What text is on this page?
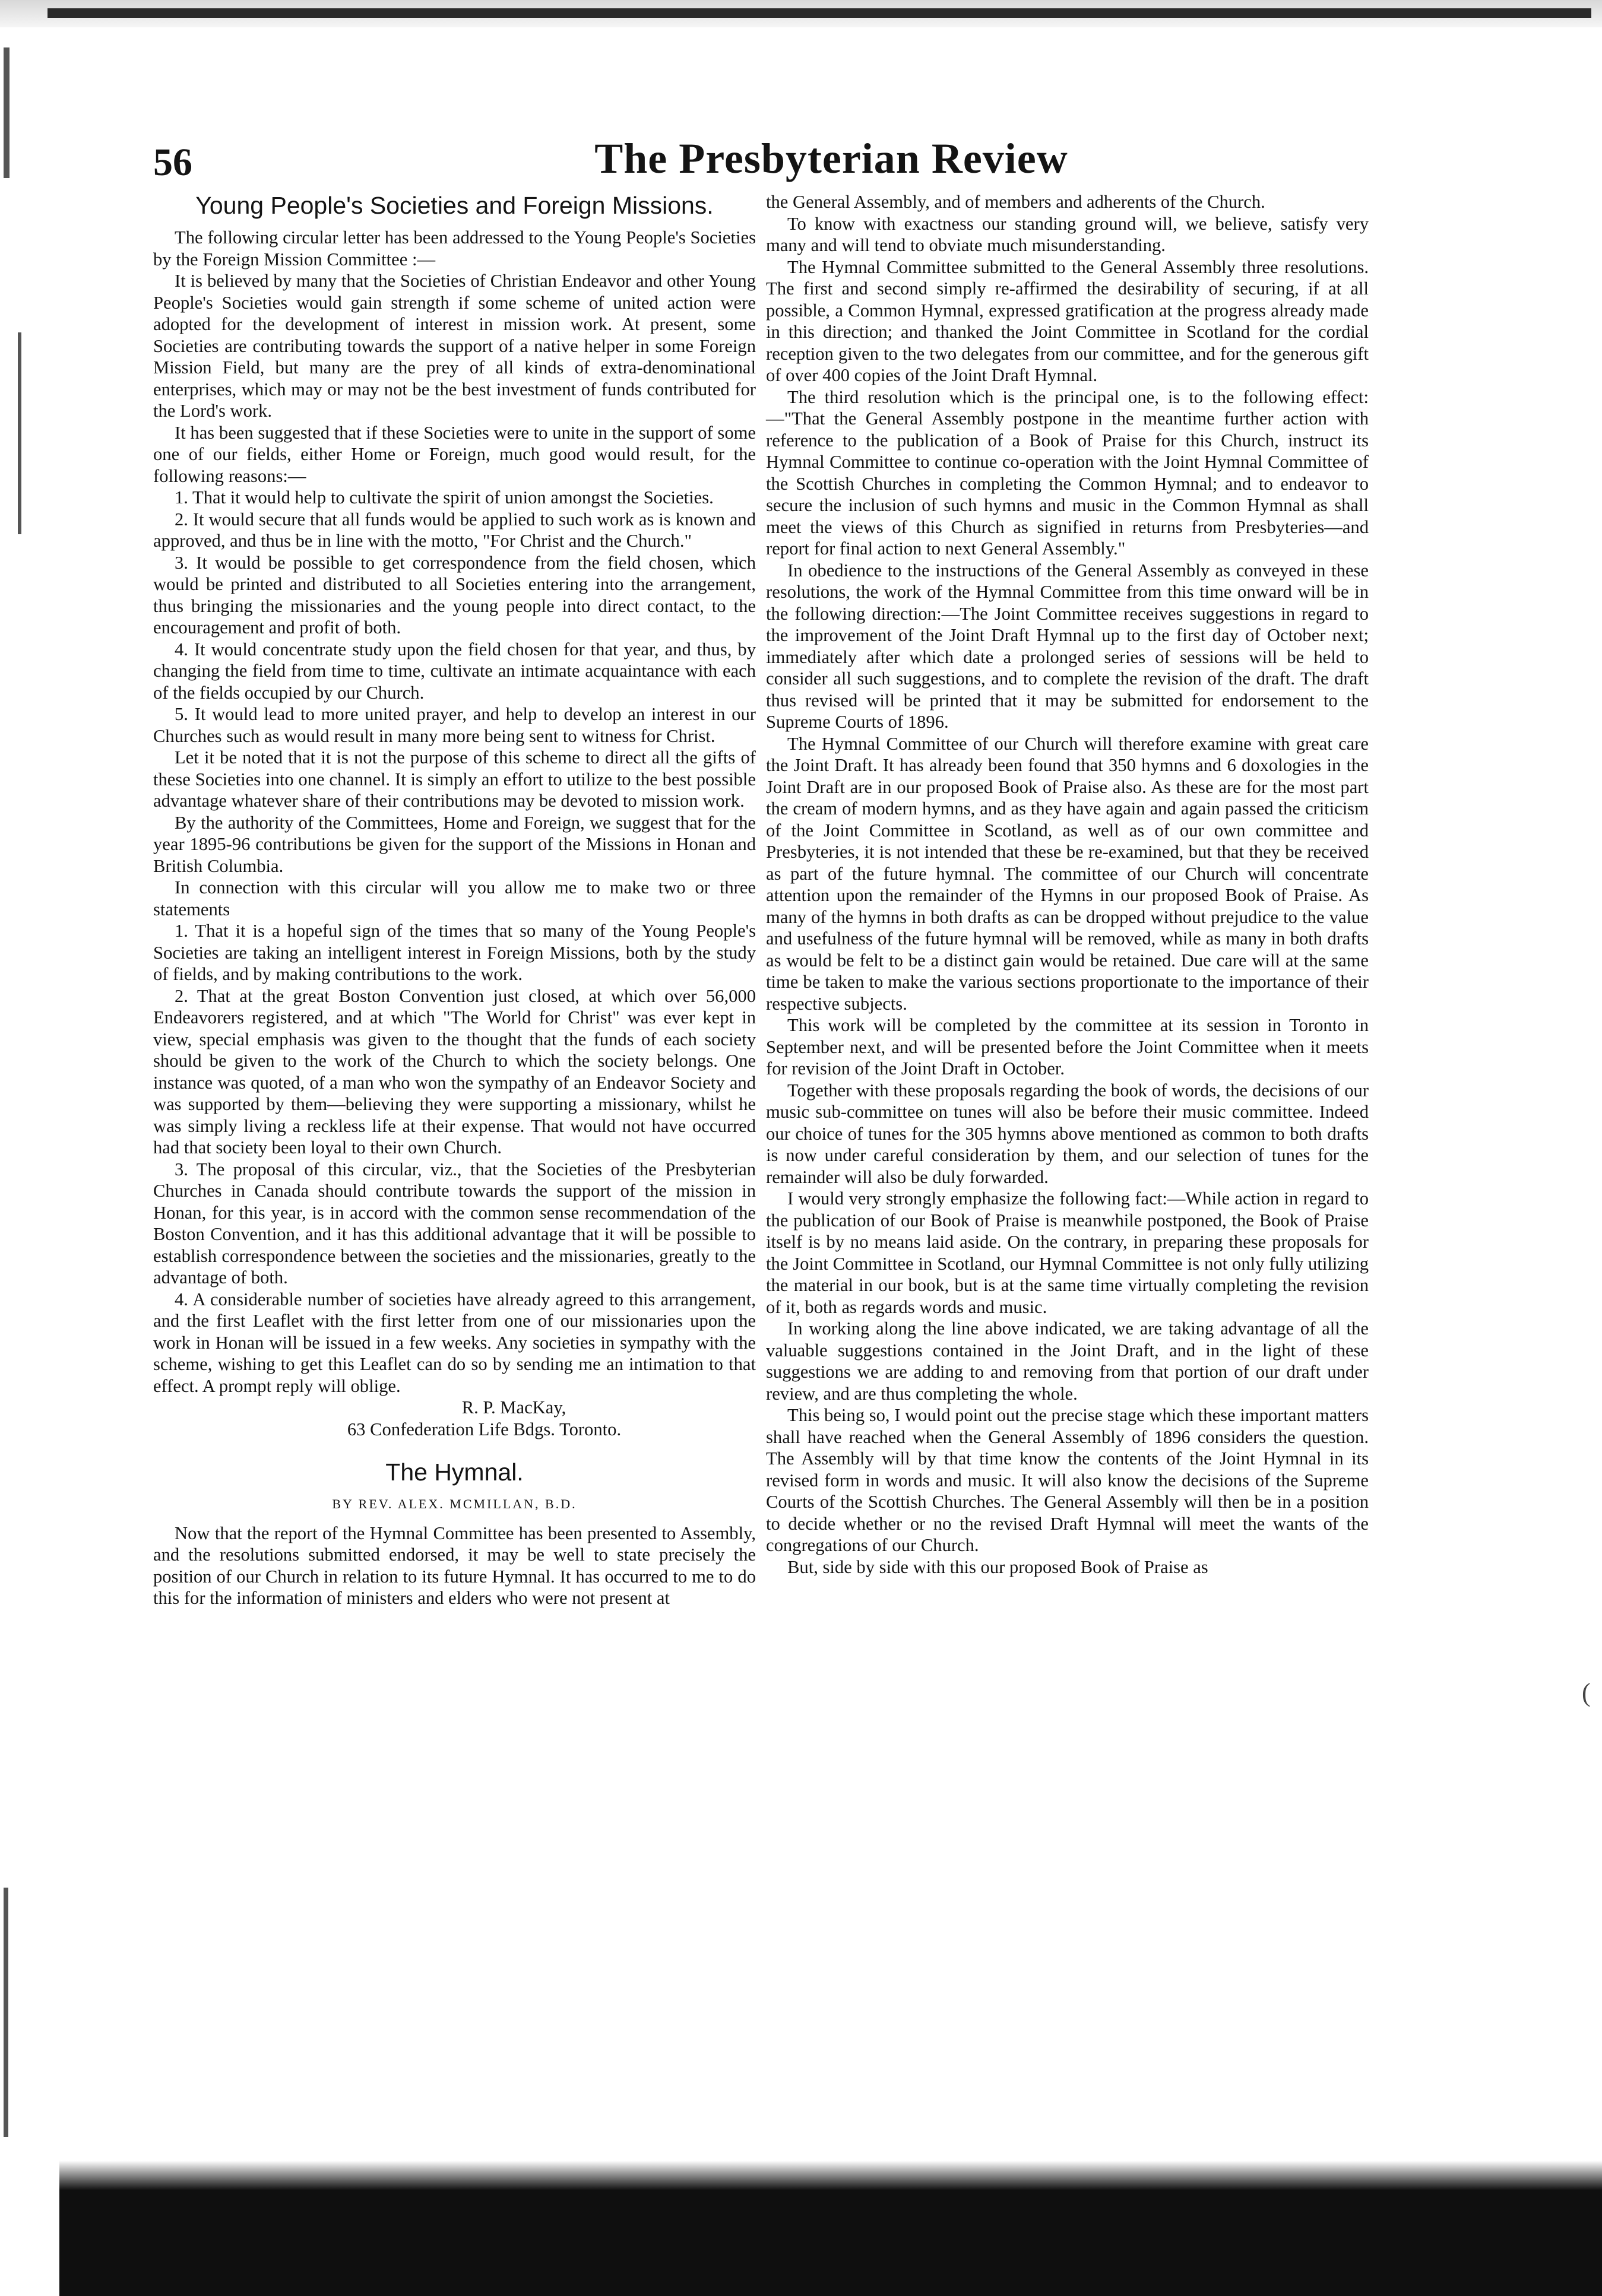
(
56	The Presbyterian Review
Young People's Societies and Foreign Missions.

The following circular letter has been addressed to the Young People's Societies by the Foreign Mission Committee :—

It is believed by many that the Societies of Christian Endeavor and other Young People's Societies would gain strength if some scheme of united action were adopted for the development of interest in mission work. At present, some Societies are contributing towards the support of a native helper in some Foreign Mission Field, but many are the prey of all kinds of extra-denominational enterprises, which may or may not be the best investment of funds contributed for the Lord's work.

It has been suggested that if these Societies were to unite in the support of some one of our fields, either Home or Foreign, much good would result, for the following reasons:—

1. That it would help to cultivate the spirit of union amongst the Societies.

2. It would secure that all funds would be applied to such work as is known and approved, and thus be in line with the motto, "For Christ and the Church."

3. It would be possible to get correspondence from the field chosen, which would be printed and distributed to all Societies entering into the arrangement, thus bringing the missionaries and the young people into direct contact, to the encouragement and profit of both.

4. It would concentrate study upon the field chosen for that year, and thus, by changing the field from time to time, cultivate an intimate acquaintance with each of the fields occupied by our Church.

5. It would lead to more united prayer, and help to develop an interest in our Churches such as would result in many more being sent to witness for Christ.

Let it be noted that it is not the purpose of this scheme to direct all the gifts of these Societies into one channel. It is simply an effort to utilize to the best possible advantage whatever share of their contributions may be devoted to mission work.

By the authority of the Committees, Home and Foreign, we suggest that for the year 1895-96 contributions be given for the support of the Missions in Honan and British Columbia.

In connection with this circular will you allow me to make two or three statements

1. That it is a hopeful sign of the times that so many of the Young People's Societies are taking an intelligent interest in Foreign Missions, both by the study of fields, and by making contributions to the work.

2. That at the great Boston Convention just closed, at which over 56,000 Endeavorers registered, and at which "The World for Christ" was ever kept in view, special emphasis was given to the thought that the funds of each society should be given to the work of the Church to which the society belongs. One instance was quoted, of a man who won the sympathy of an Endeavor Society and was supported by them—believing they were supporting a missionary, whilst he was simply living a reckless life at their expense. That would not have occurred had that society been loyal to their own Church.

3. The proposal of this circular, viz., that the Societies of the Presbyterian Churches in Canada should contribute towards the support of the mission in Honan, for this year, is in accord with the common sense recommendation of the Boston Convention, and it has this additional advantage that it will be possible to establish correspondence between the societies and the missionaries, greatly to the advantage of both.

4. A considerable number of societies have already agreed to this arrangement, and the first Leaflet with the first letter from one of our missionaries upon the work in Honan will be issued in a few weeks. Any societies in sympathy with the scheme, wishing to get this Leaflet can do so by sending me an intimation to that effect. A prompt reply will oblige.

R. P. MacKay,

63 Confederation Life Bdgs. Toronto.

The Hymnal.
BY REV. ALEX. MCMILLAN, B.D.

Now that the report of the Hymnal Committee has been presented to Assembly, and the resolutions submitted endorsed, it may be well to state precisely the position of our Church in relation to its future Hymnal. It has occurred to me to do this for the information of ministers and elders who were not present at

the General Assembly, and of members and adherents of the Church.

To know with exactness our standing ground will, we believe, satisfy very many and will tend to obviate much misunderstanding.

The Hymnal Committee submitted to the General Assembly three resolutions. The first and second simply re-affirmed the desirability of securing, if at all possible, a Common Hymnal, expressed gratification at the progress already made in this direction; and thanked the Joint Committee in Scotland for the cordial reception given to the two delegates from our committee, and for the generous gift of over 400 copies of the Joint Draft Hymnal.

The third resolution which is the principal one, is to the following effect:—"That the General Assembly postpone in the meantime further action with reference to the publication of a Book of Praise for this Church, instruct its Hymnal Committee to continue co-operation with the Joint Hymnal Committee of the Scottish Churches in completing the Common Hymnal; and to endeavor to secure the inclusion of such hymns and music in the Common Hymnal as shall meet the views of this Church as signified in returns from Presbyteries—and report for final action to next General Assembly."

In obedience to the instructions of the General Assembly as conveyed in these resolutions, the work of the Hymnal Committee from this time onward will be in the following direction:—The Joint Committee receives suggestions in regard to the improvement of the Joint Draft Hymnal up to the first day of October next; immediately after which date a prolonged series of sessions will be held to consider all such suggestions, and to complete the revision of the draft. The draft thus revised will be printed that it may be submitted for endorsement to the Supreme Courts of 1896.

The Hymnal Committee of our Church will therefore examine with great care the Joint Draft. It has already been found that 350 hymns and 6 doxologies in the Joint Draft are in our proposed Book of Praise also. As these are for the most part the cream of modern hymns, and as they have again and again passed the criticism of the Joint Committee in Scotland, as well as of our own committee and Presbyteries, it is not intended that these be re-examined, but that they be received as part of the future hymnal. The committee of our Church will concentrate attention upon the remainder of the Hymns in our proposed Book of Praise. As many of the hymns in both drafts as can be dropped without prejudice to the value and usefulness of the future hymnal will be removed, while as many in both drafts as would be felt to be a distinct gain would be retained. Due care will at the same time be taken to make the various sections proportionate to the importance of their respective subjects.

This work will be completed by the committee at its session in Toronto in September next, and will be presented before the Joint Committee when it meets for revision of the Joint Draft in October.

Together with these proposals regarding the book of words, the decisions of our music sub-committee on tunes will also be before their music committee. Indeed our choice of tunes for the 305 hymns above mentioned as common to both drafts is now under careful consideration by them, and our selection of tunes for the remainder will also be duly forwarded.

I would very strongly emphasize the following fact:—While action in regard to the publication of our Book of Praise is meanwhile postponed, the Book of Praise itself is by no means laid aside. On the contrary, in preparing these proposals for the Joint Committee in Scotland, our Hymnal Committee is not only fully utilizing the material in our book, but is at the same time virtually completing the revision of it, both as regards words and music.

In working along the line above indicated, we are taking advantage of all the valuable suggestions contained in the Joint Draft, and in the light of these suggestions we are adding to and removing from that portion of our draft under review, and are thus completing the whole.

This being so, I would point out the precise stage which these important matters shall have reached when the General Assembly of 1896 considers the question. The Assembly will by that time know the contents of the Joint Hymnal in its revised form in words and music. It will also know the decisions of the Supreme Courts of the Scottish Churches. The General Assembly will then be in a position to decide whether or no the revised Draft Hymnal will meet the wants of the congregations of our Church.

But, side by side with this our proposed Book of Praise as
